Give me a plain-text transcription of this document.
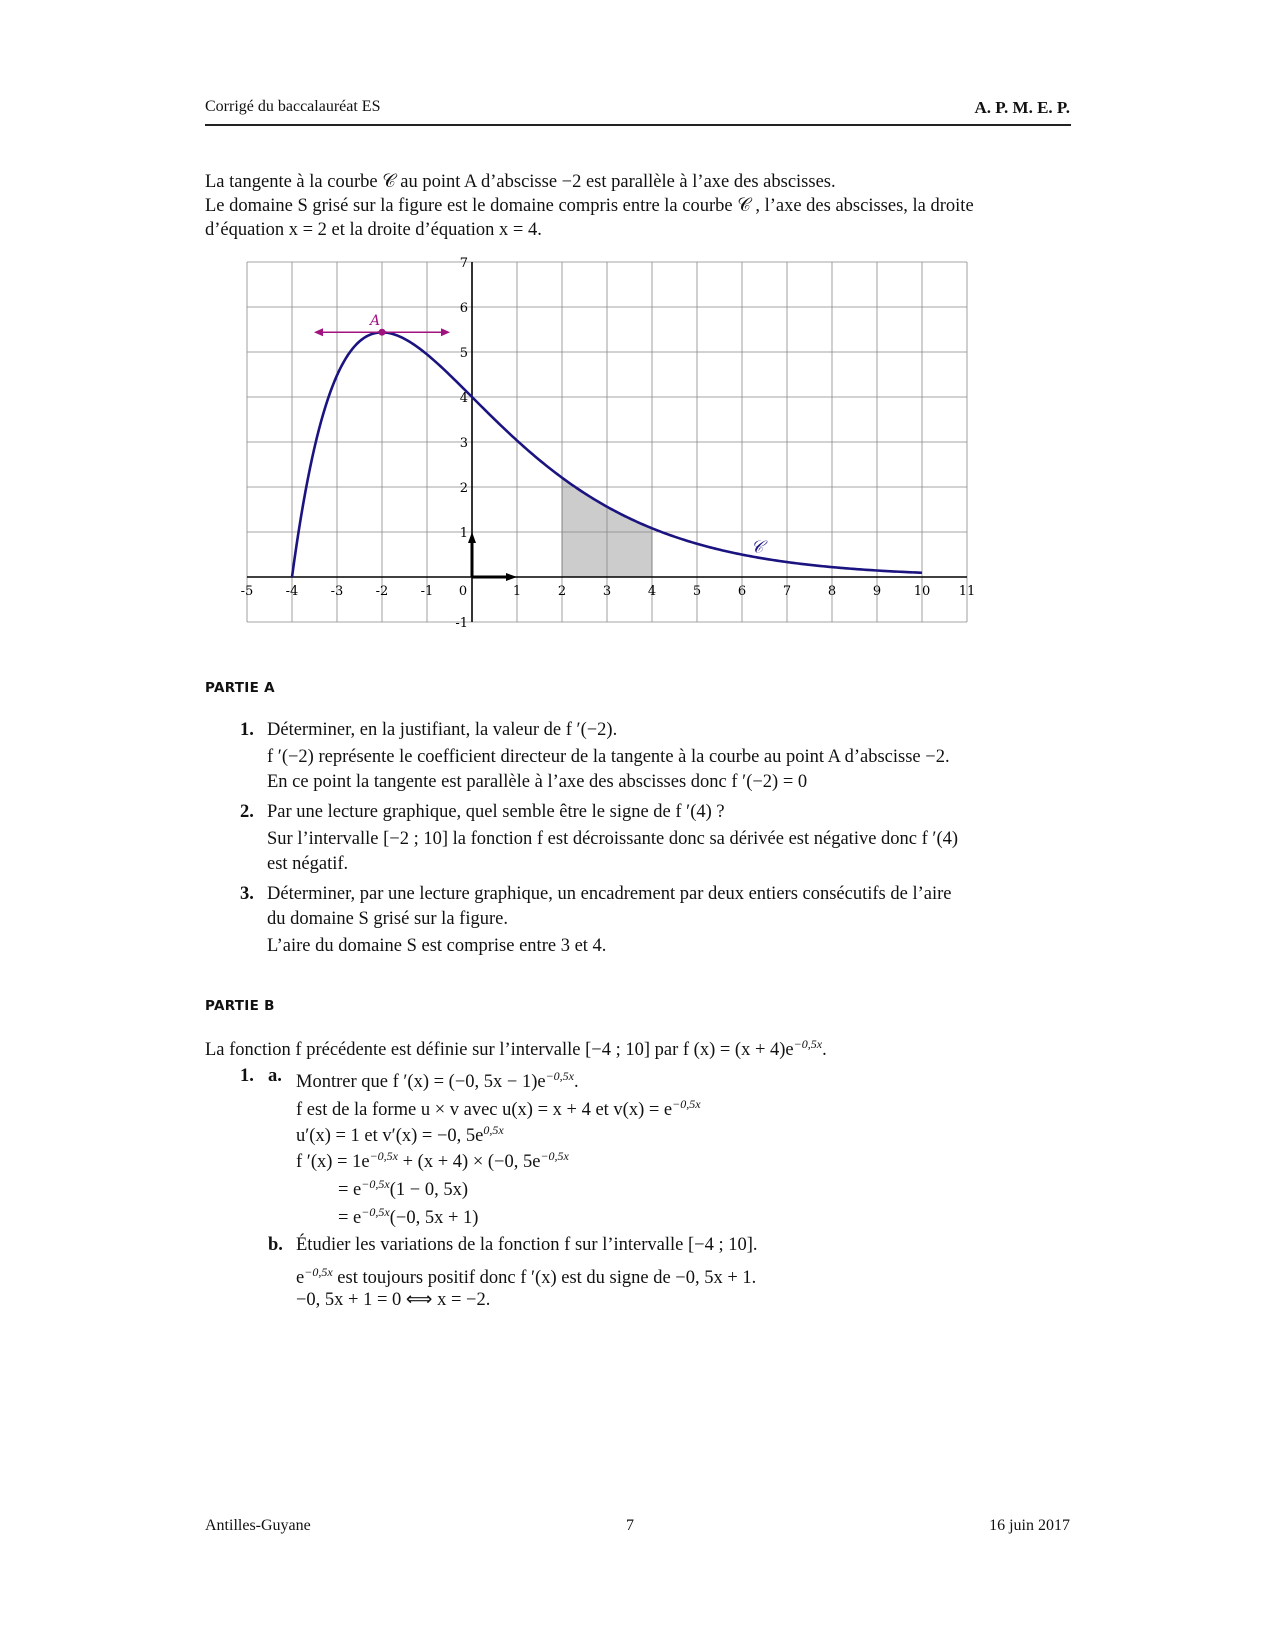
Corrigé du baccalauréat ES	A. P. M. E. P.
La tangente à la courbe 𝒞 au point A d’abscisse −2 est parallèle à l’axe des abscisses.
Le domaine S grisé sur la figure est le domaine compris entre la courbe 𝒞 , l’axe des abscisses, la droite
d’équation x = 2 et la droite d’équation x = 4.
-5 -4 -3 -2 -1 0	1	2	3	4	5	6	7	8	9	10 11
7
6
5
4
3
2
1
-1
A
𝒞
PARTIE A
1. Déterminer, en la justifiant, la valeur de f ′(−2).
f ′(−2) représente le coefficient directeur de la tangente à la courbe au point A d’abscisse −2.
En ce point la tangente est parallèle à l’axe des abscisses donc f ′(−2) = 0
2. Par une lecture graphique, quel semble être le signe de f ′(4) ?
Sur l’intervalle [−2 ; 10] la fonction f est décroissante donc sa dérivée est négative donc f ′(4)
est négatif.
3. Déterminer, par une lecture graphique, un encadrement par deux entiers consécutifs de l’aire
du domaine S grisé sur la figure.
L’aire du domaine S est comprise entre 3 et 4.
PARTIE B
La fonction f précédente est définie sur l’intervalle [−4 ; 10] par f $(x) = (x + 4)e^{-0,5x}$.
1. a. Montrer que f ′(x) = (−0, $5x - 1)e^{-0,5x}$.
f est de la forme u × v avec u(x) = x + 4 et $v(x) = e^{-0,5x}$
u′(x) = 1 et v′(x) = −0, $5e^{0,5x}$
f $'(x) = 1e^{-0,5x} + (x + 4) \times (-0$, $5e^{-0,5x}$
= $e^{-0,5x}(1 - 0$, 5x)
= $e^{-0,5x}(-0$, 5x + 1)
b. Étudier les variations de la fonction f sur l’intervalle [−4 ; 10].
$e^{-0,5x}$ est toujours positif donc f ′(x) est du signe de −0, 5x + 1.
−0, 5x + 1 = 0 ⟺ x = −2.
Antilles-Guyane	7	16 juin 2017
